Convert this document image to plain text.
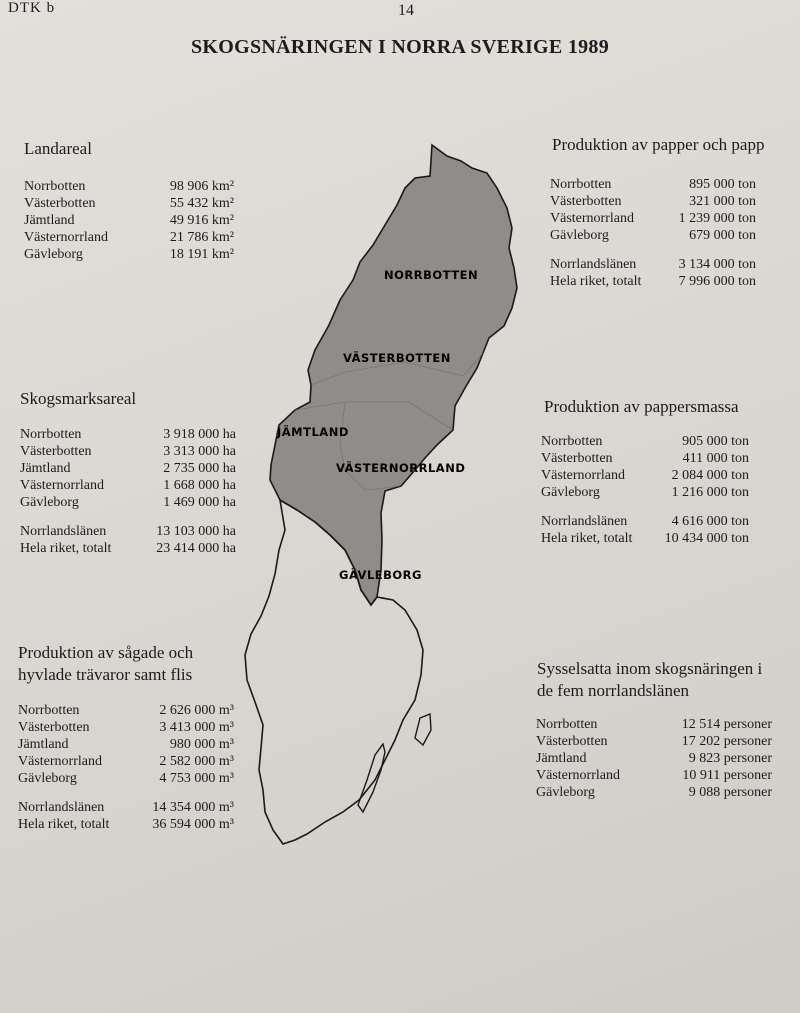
DTK b	14
SKOGSNÄRINGEN I NORRA SVERIGE 1989
NORRBOTTEN
VÄSTERBOTTEN
JÄMTLAND
VÄSTERNORRLAND
GÄVLEBORG
Landareal
Norrbotten	98 906 km²
Västerbotten	55 432 km²
Jämtland	49 916 km²
Västernorrland	21 786 km²
Gävleborg	18 191 km²
Skogsmarksareal
Norrbotten	3 918 000 ha
Västerbotten	3 313 000 ha
Jämtland	2 735 000 ha
Västernorrland	1 668 000 ha
Gävleborg	1 469 000 ha

Norrlandslänen	13 103 000 ha
Hela riket, totalt	23 414 000 ha
Produktion av sågade och
hyvlade trävaror samt flis
Norrbotten	2 626 000 m³
Västerbotten	3 413 000 m³
Jämtland	980 000 m³
Västernorrland	2 582 000 m³
Gävleborg	4 753 000 m³

Norrlandslänen	14 354 000 m³
Hela riket, totalt	36 594 000 m³
Produktion av papper och papp
Norrbotten	895 000 ton
Västerbotten	321 000 ton
Västernorrland	1 239 000 ton
Gävleborg	679 000 ton

Norrlandslänen	3 134 000 ton
Hela riket, totalt	7 996 000 ton
Produktion av pappersmassa
Norrbotten	905 000 ton
Västerbotten	411 000 ton
Västernorrland	2 084 000 ton
Gävleborg	1 216 000 ton

Norrlandslänen	4 616 000 ton
Hela riket, totalt	10 434 000 ton
Sysselsatta inom skogsnäringen i
de fem norrlandslänen
Norrbotten	12 514 personer
Västerbotten	17 202 personer
Jämtland	9 823 personer
Västernorrland	10 911 personer
Gävleborg	9 088 personer
